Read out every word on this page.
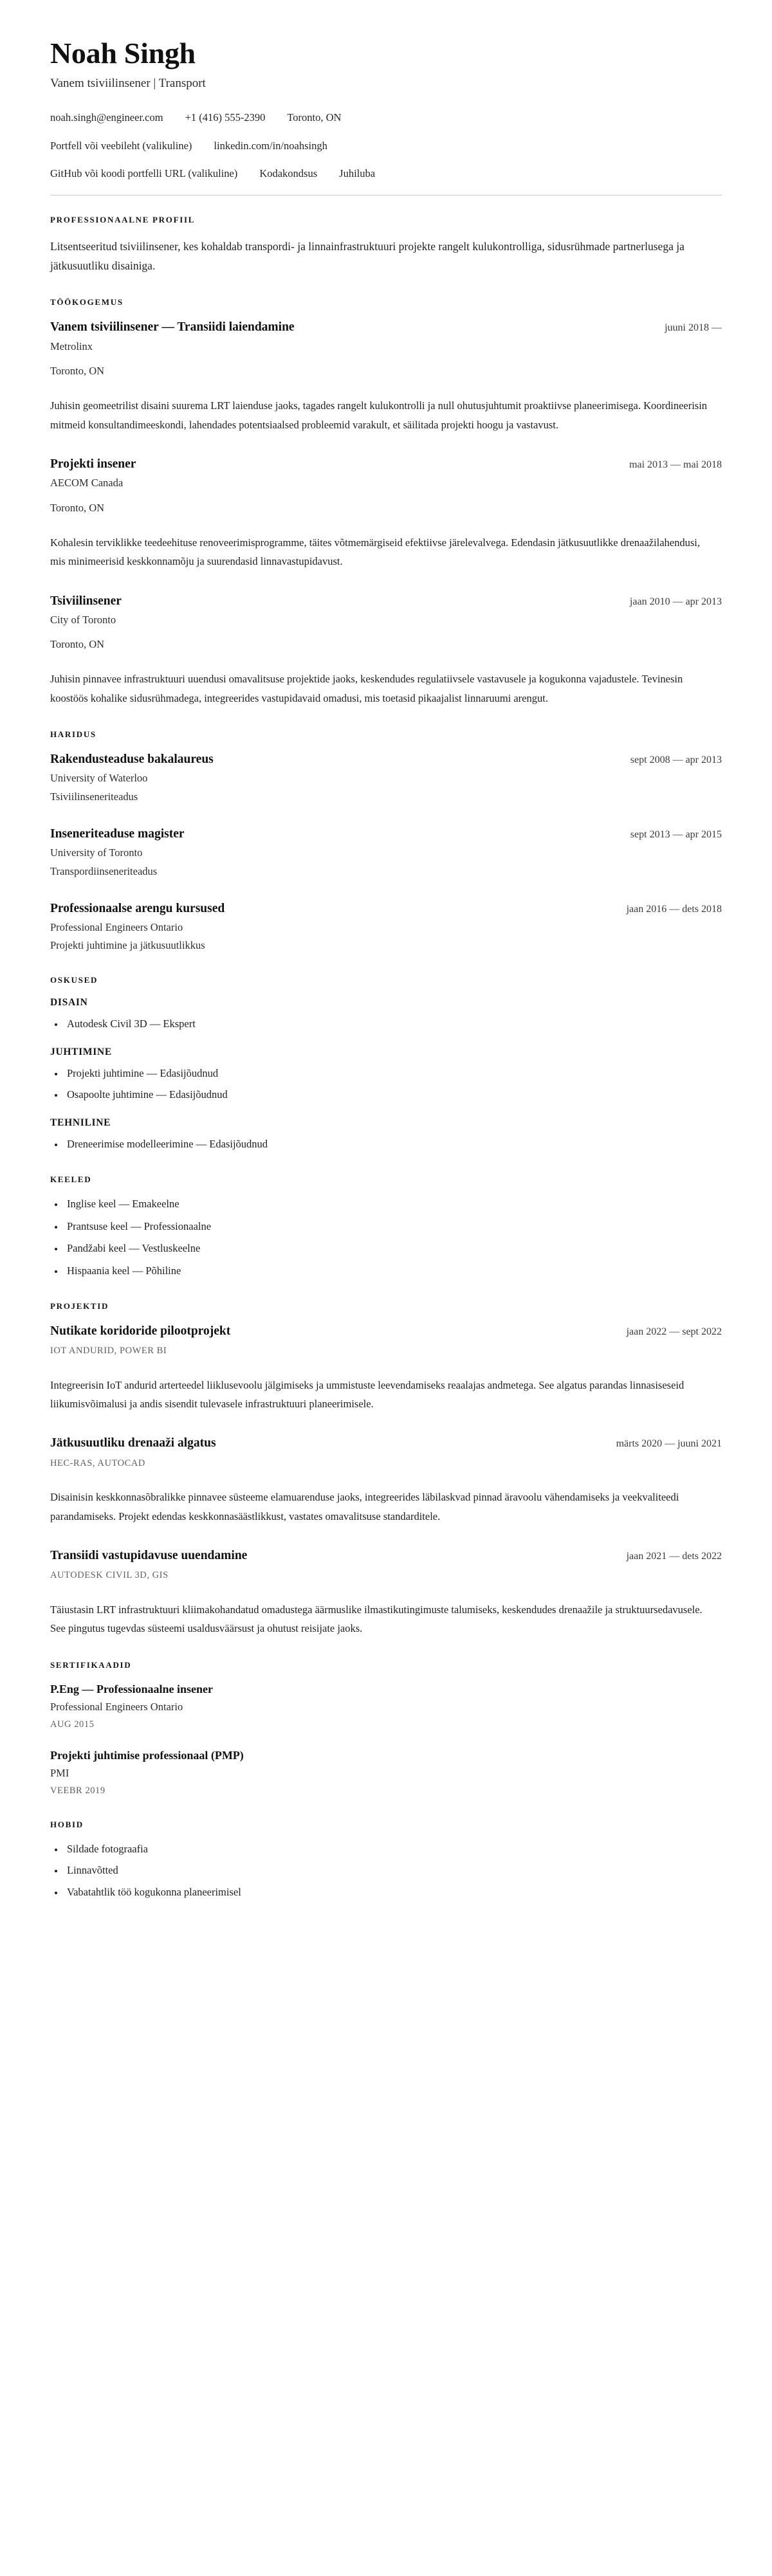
Noah Singh
Vanem tsiviilinsener | Transport
noah.singh@engineer.com +1 (416) 555-2390 Toronto, ON
Portfell või veebileht (valikuline) linkedin.com/in/noahsingh
GitHub või koodi portfelli URL (valikuline) Kodakondsus Juhiluba
PROFESSIONAALNE PROFIIL

Litsentseeritud tsiviilinsener, kes kohaldab transpordi- ja linnainfrastruktuuri projekte rangelt kulukontrolliga, sidusrühmade partnerlusega ja jätkusuutliku disainiga.

TÖÖKOGEMUS
Vanem tsiviilinsener — Transiidi laiendamine	juuni 2018 —
Metrolinx
Toronto, ON

Juhisin geomeetrilist disaini suurema LRT laienduse jaoks, tagades rangelt kulukontrolli ja null ohutusjuhtumit proaktiivse planeerimisega. Koordineerisin mitmeid konsultandimeeskondi, lahendades potentsiaalsed probleemid varakult, et säilitada projekti hoogu ja vastavust.

Projekti insener	mai 2013 — mai 2018
AECOM Canada
Toronto, ON

Kohalesin terviklikke teedeehituse renoveerimisprogramme, täites võtmemärgiseid efektiivse järelevalvega. Edendasin jätkusuutlikke drenaažilahendusi, mis minimeerisid keskkonnamõju ja suurendasid linnavastupidavust.

Tsiviilinsener	jaan 2010 — apr 2013
City of Toronto
Toronto, ON

Juhisin pinnavee infrastruktuuri uuendusi omavalitsuse projektide jaoks, keskendudes regulatiivsele vastavusele ja kogukonna vajadustele. Tevinesin koostöös kohalike sidusrühmadega, integreerides vastupidavaid omadusi, mis toetasid pikaajalist linnaruumi arengut.

HARIDUS
Rakendusteaduse bakalaureus	sept 2008 — apr 2013
University of Waterloo
Tsiviilinseneriteadus
Inseneriteaduse magister	sept 2013 — apr 2015
University of Toronto
Transpordiinseneriteadus
Professionaalse arengu kursused	jaan 2016 — dets 2018
Professional Engineers Ontario
Projekti juhtimine ja jätkusuutlikkus
OSKUSED
DISAIN
Autodesk Civil 3D — Ekspert
JUHTIMINE
Projekti juhtimine — Edasijõudnud
Osapoolte juhtimine — Edasijõudnud
TEHNILINE
Dreneerimise modelleerimine — Edasijõudnud
KEELED
Inglise keel — Emakeelne
Prantsuse keel — Professionaalne
Pandžabi keel — Vestluskeelne
Hispaania keel — Põhiline
PROJEKTID
Nutikate koridoride pilootprojekt	jaan 2022 — sept 2022
IOT ANDURID, POWER BI

Integreerisin IoT andurid arterteedel liiklusevoolu jälgimiseks ja ummistuste leevendamiseks reaalajas andmetega. See algatus parandas linnasiseseid liikumisvõimalusi ja andis sisendit tulevasele infrastruktuuri planeerimisele.

Jätkusuutliku drenaaži algatus	märts 2020 — juuni 2021
HEC-RAS, AUTOCAD

Disainisin keskkonnasõbralikke pinnavee süsteeme elamuarenduse jaoks, integreerides läbilaskvad pinnad äravoolu vähendamiseks ja veekvaliteedi parandamiseks. Projekt edendas keskkonnasäästlikkust, vastates omavalitsuse standarditele.

Transiidi vastupidavuse uuendamine	jaan 2021 — dets 2022
AUTODESK CIVIL 3D, GIS

Täiustasin LRT infrastruktuuri kliimakohandatud omadustega äärmuslike ilmastikutingimuste talumiseks, keskendudes drenaažile ja struktuursedavusele. See pingutus tugevdas süsteemi usaldusväärsust ja ohutust reisijate jaoks.

SERTIFIKAADID
P.Eng — Professionaalne insener
Professional Engineers Ontario
AUG 2015
Projekti juhtimise professionaal (PMP)
PMI
VEEBR 2019
HOBID
Sildade fotograafia
Linnavõtted
Vabatahtlik töö kogukonna planeerimisel
